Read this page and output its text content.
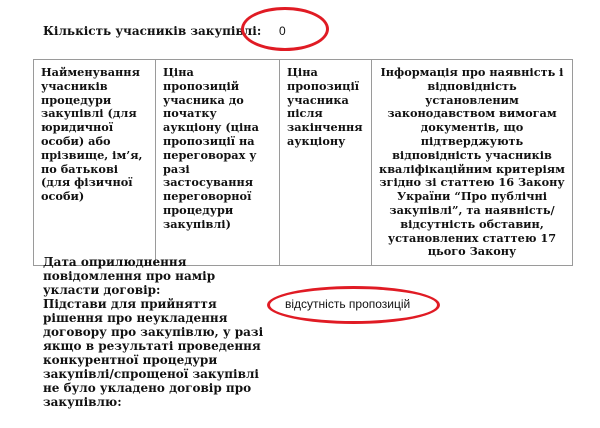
Кількість учасників закупівлі: 0
Найменування учасників процедури закупівлі (для юридичної особи) або прізвище, ім’я, по батькові (для фізичної особи)	Ціна пропозицій учасника до початку аукціону (ціна пропозиції на переговорах у разі застосування переговорної процедури закупівлі)	Ціна пропозиції учасника після закінчення аукціону	Інформація про наявність і відповідність установленим законодавством вимогам документів, що підтверджують відповідність учасників кваліфікаційним критеріям згідно зі статтею 16 Закону України “Про публічні закупівлі”, та наявність/відсутність обставин, установлених статтею 17 цього Закону
Дата оприлюднення повідомлення про намір укласти договір:
Підстави для прийняття рішення про неукладення договору про закупівлю, у разі якщо в результаті проведення конкурентної процедури закупівлі/спрощеної закупівлі не було укладено договір про закупівлю:
відсутність пропозицій
